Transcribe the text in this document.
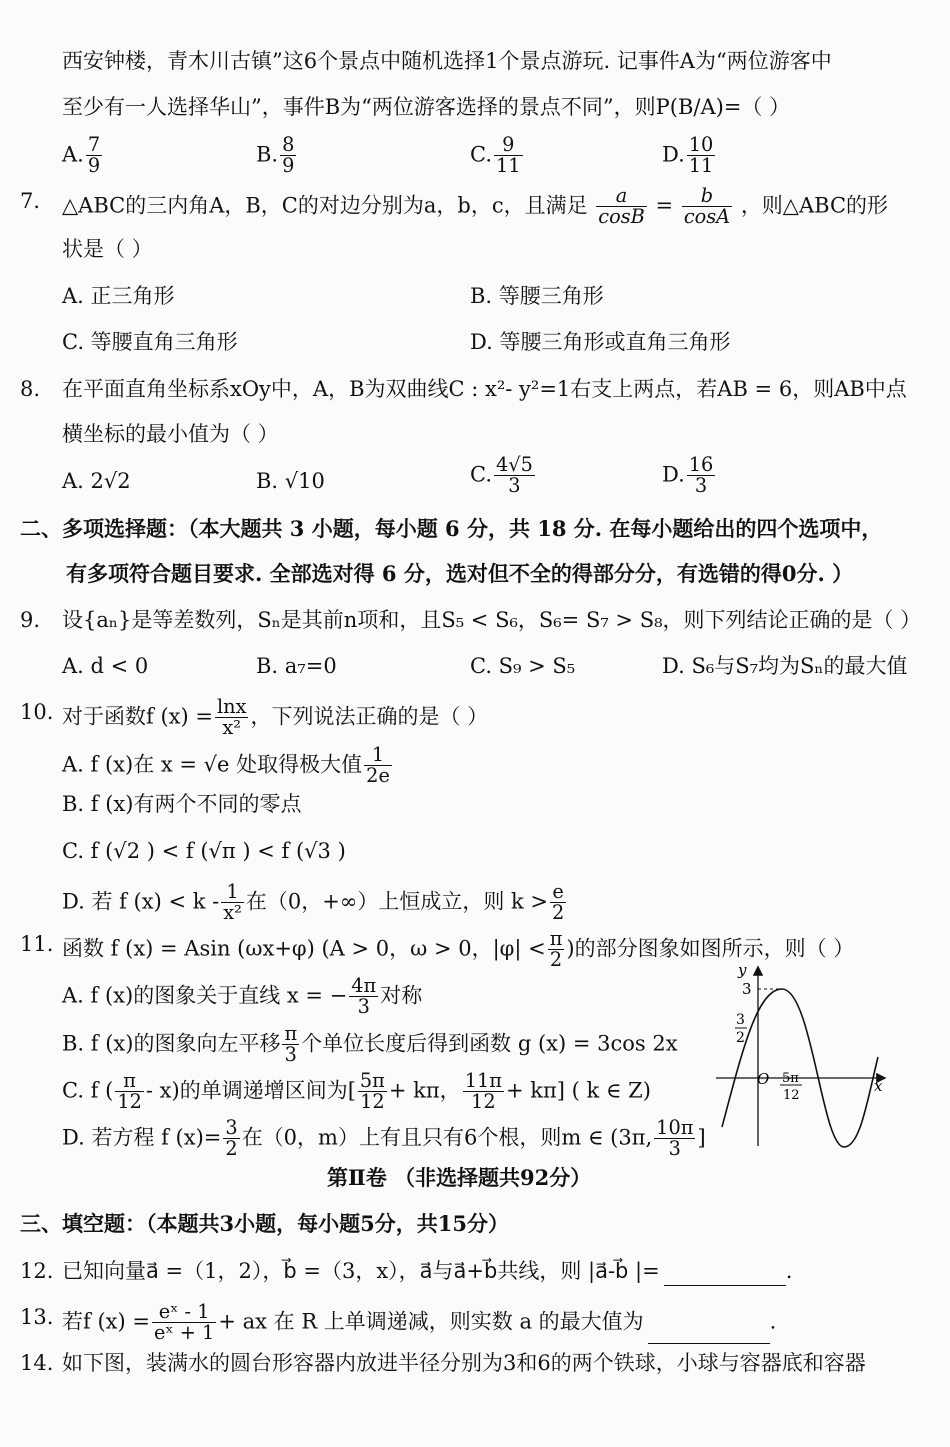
西安钟楼，青木川古镇”这6个景点中随机选择1个景点游玩. 记事件A为“两位游客中
至少有一人选择华山”，事件B为“两位游客选择的景点不同”，则P(B/A)=（ ）
A. $\frac{7}{9}$	B. $\frac{8}{9}$	C. $\frac{9}{11}$	D. $\frac{10}{11}$
7. △ABC的三内角A，B，C的对边分别为a，b，c，且满足 $\frac{a}{\cos B} = \frac{b}{\cos A}$ ，则△ABC的形
状是（ ）
A. 正三角形	B. 等腰三角形
C. 等腰直角三角形	D. 等腰三角形或直角三角形
8. 在平面直角坐标系xOy中，A，B为双曲线C : x²- y²=1右支上两点，若AB = 6，则AB中点
横坐标的最小值为（ ）
A. 2√2	B. √10	C. $\frac{4√5}{3}$	D. $\frac{16}{3}$
二、多项选择题：（本大题共 3 小题，每小题 6 分，共 18 分. 在每小题给出的四个选项中，
有多项符合题目要求. 全部选对得 6 分，选对但不全的得部分分，有选错的得0分. ）
9. 设{aₙ}是等差数列，Sₙ是其前n项和，且S₅ < S₆，S₆= S₇ > S₈，则下列结论正确的是（ ）
A. d < 0	B. a₇=0	C. S₉ > S₅	D. S₆与S₇均为Sₙ的最大值
10. 对于函数f $(x) = \frac{\ln x}{\text{x²}}$ ，下列说法正确的是（ ）
A. f (x)在 x = √e 处取得极大值 $\frac{1}{2e}$
B. f (x)有两个不同的零点
C. f (√2 ) < f (√π ) < f (√3 )
D. 若 f $(x) < k - \frac{1}{\text{x²}}$ 在（0，+∞）上恒成立，则 $k > \frac{e}{2}$
11. 函数 f (x) = Asin (ωx+φ) (A > 0，ω > 0，$|\varphi| < \frac{\pi}{2}$ )的部分图象如图所示，则（ ）
A. f (x)的图象关于直线 x = − $\frac{4\pi}{3}$ 对称
B. f (x)的图象向左平移 $\frac{\pi}{3}$ 个单位长度后得到函数 g (x) = 3cos 2x
C. f ( $\frac{\pi}{12} - x$)的单调递增区间为[ $\frac{5\pi}{12} + k\pi$， $\frac{11\pi}{12} + k\pi$] ( k ∈ Z)
D. 若方程 f $(x)= \frac{3}{2}$ 在（0，m）上有且只有6个根，则m ∈ (3π, $\frac{10\pi}{3}$ ]
y
x
3
3
2
O 5π
12
第Ⅱ卷 （非选择题共92分）
三、填空题：（本题共3小题，每小题5分，共15分）
12. 已知向量a⃗ =（1，2），b⃗ =（3，x），a⃗与a⃗+b⃗共线，则 |a⃗-b⃗ |=	.
13. 若f $(x) = \frac{\text{eˣ - 1}}{\text{eˣ + 1}}$ + ax 在 R 上单调递减，则实数 a 的最大值为	.
14. 如下图，装满水的圆台形容器内放进半径分别为3和6的两个铁球，小球与容器底和容器
